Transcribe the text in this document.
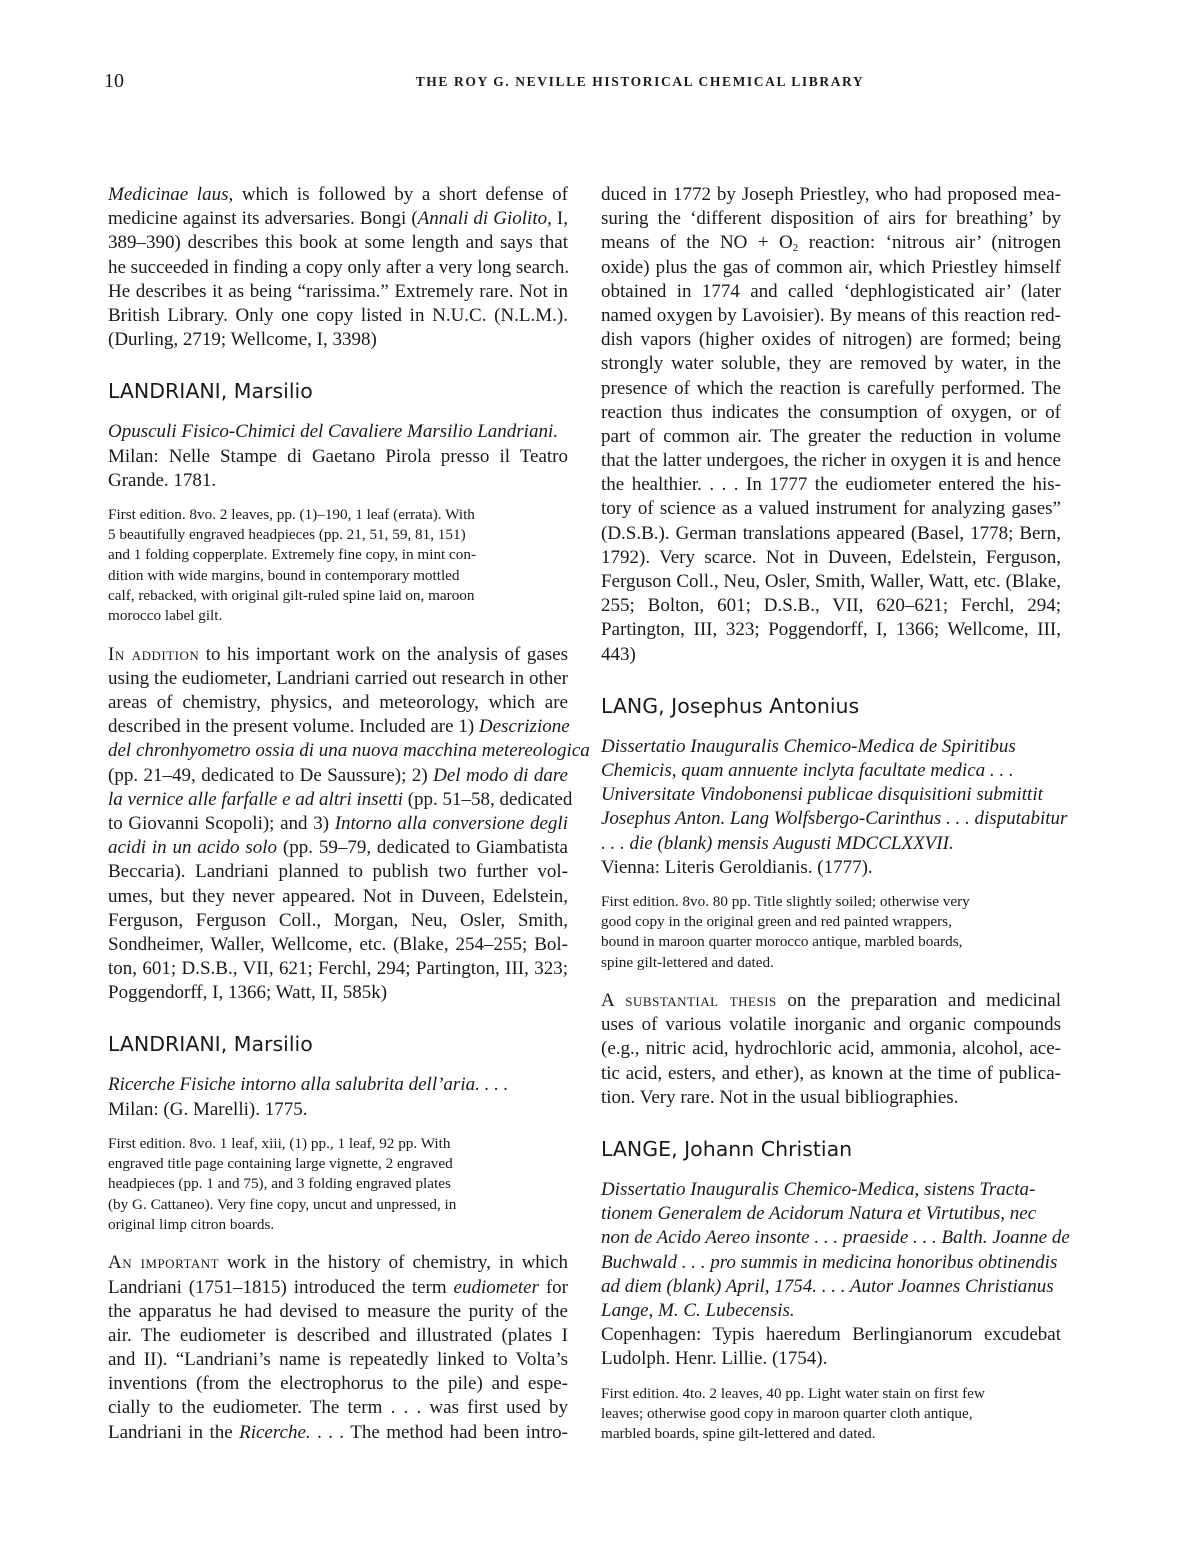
10	THE ROY G. NEVILLE HISTORICAL CHEMICAL LIBRARY
Medicinae laus, which is followed by a short defense of
medicine against its adversaries. Bongi (Annali di Giolito, I,
389–390) describes this book at some length and says that
he succeeded in finding a copy only after a very long search.
He describes it as being “rarissima.” Extremely rare. Not in
British Library. Only one copy listed in N.U.C. (N.L.M.).
(Durling, 2719; Wellcome, I, 3398)
LANDRIANI, Marsilio
Opusculi Fisico-Chimici del Cavaliere Marsilio Landriani.
Milan: Nelle Stampe di Gaetano Pirola presso il Teatro
Grande. 1781.
First edition. 8vo. 2 leaves, pp. (1)–190, 1 leaf (errata). With
5 beautifully engraved headpieces (pp. 21, 51, 59, 81, 151)
and 1 folding copperplate. Extremely fine copy, in mint con-
dition with wide margins, bound in contemporary mottled
calf, rebacked, with original gilt-ruled spine laid on, maroon
morocco label gilt.
In addition to his important work on the analysis of gases
using the eudiometer, Landriani carried out research in other
areas of chemistry, physics, and meteorology, which are
described in the present volume. Included are 1) Descrizione
del chronhyometro ossia di una nuova macchina metereologica
(pp. 21–49, dedicated to De Saussure); 2) Del modo di dare
la vernice alle farfalle e ad altri insetti (pp. 51–58, dedicated
to Giovanni Scopoli); and 3) Intorno alla conversione degli
acidi in un acido solo (pp. 59–79, dedicated to Giambatista
Beccaria). Landriani planned to publish two further vol-
umes, but they never appeared. Not in Duveen, Edelstein,
Ferguson, Ferguson Coll., Morgan, Neu, Osler, Smith,
Sondheimer, Waller, Wellcome, etc. (Blake, 254–255; Bol-
ton, 601; D.S.B., VII, 621; Ferchl, 294; Partington, III, 323;
Poggendorff, I, 1366; Watt, II, 585k)
LANDRIANI, Marsilio
Ricerche Fisiche intorno alla salubrita dell’aria. . . .
Milan: (G. Marelli). 1775.
First edition. 8vo. 1 leaf, xiii, (1) pp., 1 leaf, 92 pp. With
engraved title page containing large vignette, 2 engraved
headpieces (pp. 1 and 75), and 3 folding engraved plates
(by G. Cattaneo). Very fine copy, uncut and unpressed, in
original limp citron boards.
An important work in the history of chemistry, in which
Landriani (1751–1815) introduced the term eudiometer for
the apparatus he had devised to measure the purity of the
air. The eudiometer is described and illustrated (plates I
and II). “Landriani’s name is repeatedly linked to Volta’s
inventions (from the electrophorus to the pile) and espe-
cially to the eudiometer. The term . . . was first used by
Landriani in the Ricerche. . . . The method had been intro-
duced in 1772 by Joseph Priestley, who had proposed mea-
suring the ‘different disposition of airs for breathing’ by
means of the NO + $O_2$ reaction: ‘nitrous air’ (nitrogen
oxide) plus the gas of common air, which Priestley himself
obtained in 1774 and called ‘dephlogisticated air’ (later
named oxygen by Lavoisier). By means of this reaction red-
dish vapors (higher oxides of nitrogen) are formed; being
strongly water soluble, they are removed by water, in the
presence of which the reaction is carefully performed. The
reaction thus indicates the consumption of oxygen, or of
part of common air. The greater the reduction in volume
that the latter undergoes, the richer in oxygen it is and hence
the healthier. . . . In 1777 the eudiometer entered the his-
tory of science as a valued instrument for analyzing gases”
(D.S.B.). German translations appeared (Basel, 1778; Bern,
1792). Very scarce. Not in Duveen, Edelstein, Ferguson,
Ferguson Coll., Neu, Osler, Smith, Waller, Watt, etc. (Blake,
255; Bolton, 601; D.S.B., VII, 620–621; Ferchl, 294;
Partington, III, 323; Poggendorff, I, 1366; Wellcome, III,
443)
LANG, Josephus Antonius
Dissertatio Inauguralis Chemico-Medica de Spiritibus
Chemicis, quam annuente inclyta facultate medica . . .
Universitate Vindobonensi publicae disquisitioni submittit
Josephus Anton. Lang Wolfsbergo-Carinthus . . . disputabitur
. . . die (blank) mensis Augusti MDCCLXXVII.
Vienna: Literis Geroldianis. (1777).
First edition. 8vo. 80 pp. Title slightly soiled; otherwise very
good copy in the original green and red painted wrappers,
bound in maroon quarter morocco antique, marbled boards,
spine gilt-lettered and dated.
A substantial thesis on the preparation and medicinal
uses of various volatile inorganic and organic compounds
(e.g., nitric acid, hydrochloric acid, ammonia, alcohol, ace-
tic acid, esters, and ether), as known at the time of publica-
tion. Very rare. Not in the usual bibliographies.
LANGE, Johann Christian
Dissertatio Inauguralis Chemico-Medica, sistens Tracta-
tionem Generalem de Acidorum Natura et Virtutibus, nec
non de Acido Aereo insonte . . . praeside . . . Balth. Joanne de
Buchwald . . . pro summis in medicina honoribus obtinendis
ad diem (blank) April, 1754. . . . Autor Joannes Christianus
Lange, M. C. Lubecensis.
Copenhagen: Typis haeredum Berlingianorum excudebat
Ludolph. Henr. Lillie. (1754).
First edition. 4to. 2 leaves, 40 pp. Light water stain on first few
leaves; otherwise good copy in maroon quarter cloth antique,
marbled boards, spine gilt-lettered and dated.
